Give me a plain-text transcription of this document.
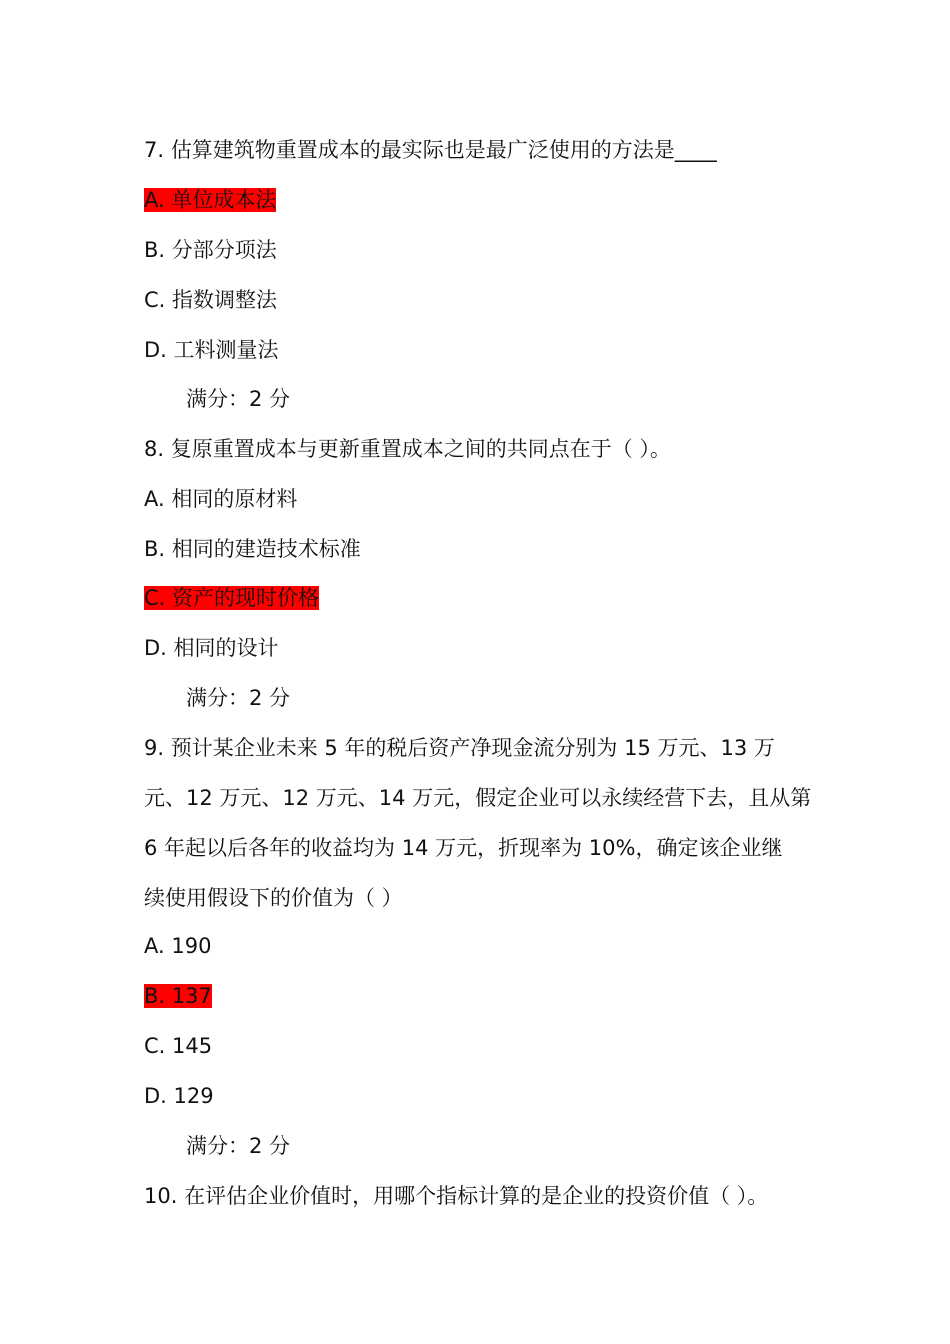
7. 估算建筑物重置成本的最实际也是最广泛使用的方法是____
A. 单位成本法
B. 分部分项法
C. 指数调整法
D. 工料测量法
满分：2 分
8. 复原重置成本与更新重置成本之间的共同点在于（ ）。
A. 相同的原材料
B. 相同的建造技术标准
C. 资产的现时价格
D. 相同的设计
满分：2 分
9. 预计某企业未来 5 年的税后资产净现金流分别为 15 万元、13 万
元、12 万元、12 万元、14 万元，假定企业可以永续经营下去，且从第
6 年起以后各年的收益均为 14 万元，折现率为 10%，确定该企业继
续使用假设下的价值为（ ）
A. 190
B. 137
C. 145
D. 129
满分：2 分
10. 在评估企业价值时，用哪个指标计算的是企业的投资价值（ ）。
